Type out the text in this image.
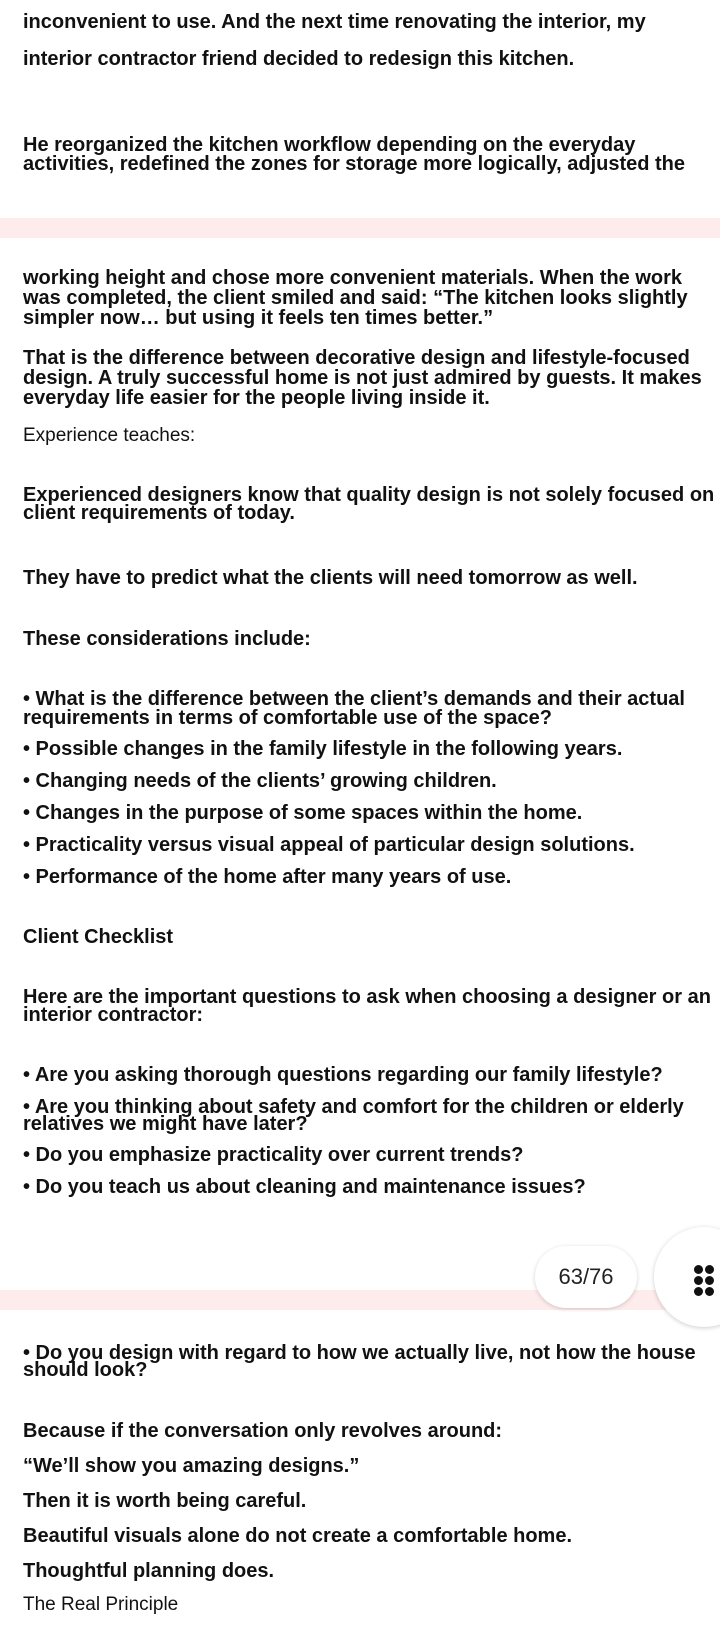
inconvenient to use. And the next time renovating the interior, my

interior contractor friend decided to redesign this kitchen.

He reorganized the kitchen workflow depending on the everyday

activities, redefined the zones for storage more logically, adjusted the

working height and chose more convenient materials. When the work

was completed, the client smiled and said: “The kitchen looks slightly

simpler now… but using it feels ten times better.”

That is the difference between decorative design and lifestyle-focused

design. A truly successful home is not just admired by guests. It makes

everyday life easier for the people living inside it.

Experience teaches:

Experienced designers know that quality design is not solely focused on

client requirements of today.

They have to predict what the clients will need tomorrow as well.

These considerations include:

• What is the difference between the client’s demands and their actual

requirements in terms of comfortable use of the space?

• Possible changes in the family lifestyle in the following years.

• Changing needs of the clients’ growing children.

• Changes in the purpose of some spaces within the home.

• Practicality versus visual appeal of particular design solutions.

• Performance of the home after many years of use.

Client Checklist

Here are the important questions to ask when choosing a designer or an

interior contractor:

• Are you asking thorough questions regarding our family lifestyle?

• Are you thinking about safety and comfort for the children or elderly

relatives we might have later?

• Do you emphasize practicality over current trends?

• Do you teach us about cleaning and maintenance issues?

• Do you design with regard to how we actually live, not how the house

should look?

Because if the conversation only revolves around:

“We’ll show you amazing designs.”

Then it is worth being careful.

Beautiful visuals alone do not create a comfortable home.

Thoughtful planning does.

The Real Principle

63/76
